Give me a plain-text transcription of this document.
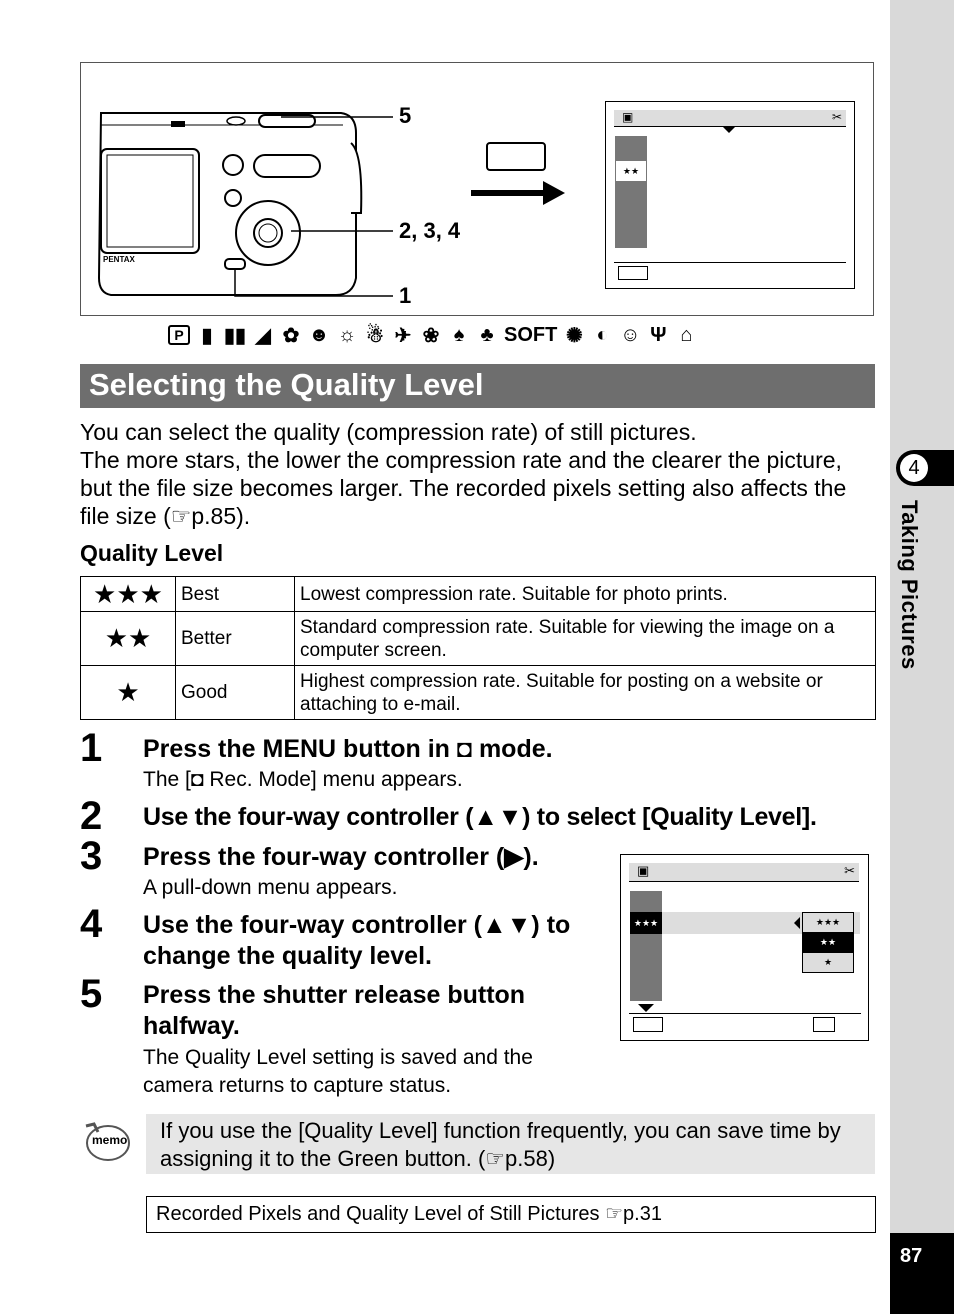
4
Taking Pictures
87
PENTAX
5
2, 3, 4
1
▣	✂
★★
P ▮ ▮▮ ◢ ✿ ☻ ☼ ☃ ✈ ❀ ♠ ♣ SOFT ✺ ◐ ☺ Ψ ⌂
Selecting the Quality Level
You can select the quality (compression rate) of still pictures.
The more stars, the lower the compression rate and the clearer the picture, but the file size becomes larger. The recorded pixels setting also affects the file size (☞p.85).
Quality Level
★★★	Best	Lowest compression rate. Suitable for photo prints.
★★	Better	Standard compression rate. Suitable for viewing the image on a computer screen.
★	Good	Highest compression rate. Suitable for posting on a website or attaching to e-mail.
1 Press the MENU button in ◘ mode.
The [◘ Rec. Mode] menu appears.
2 Use the four-way controller (▲▼) to select [Quality Level].
3 Press the four-way controller (▶).
A pull-down menu appears.
4 Use the four-way controller (▲▼) to change the quality level.
5 Press the shutter release button halfway.
The Quality Level setting is saved and the camera returns to capture status.
▣	✂
★★★	★★★
★★
★
memo	If you use the [Quality Level] function frequently, you can save time by assigning it to the Green button. (☞p.58)
Recorded Pixels and Quality Level of Still Pictures ☞p.31
